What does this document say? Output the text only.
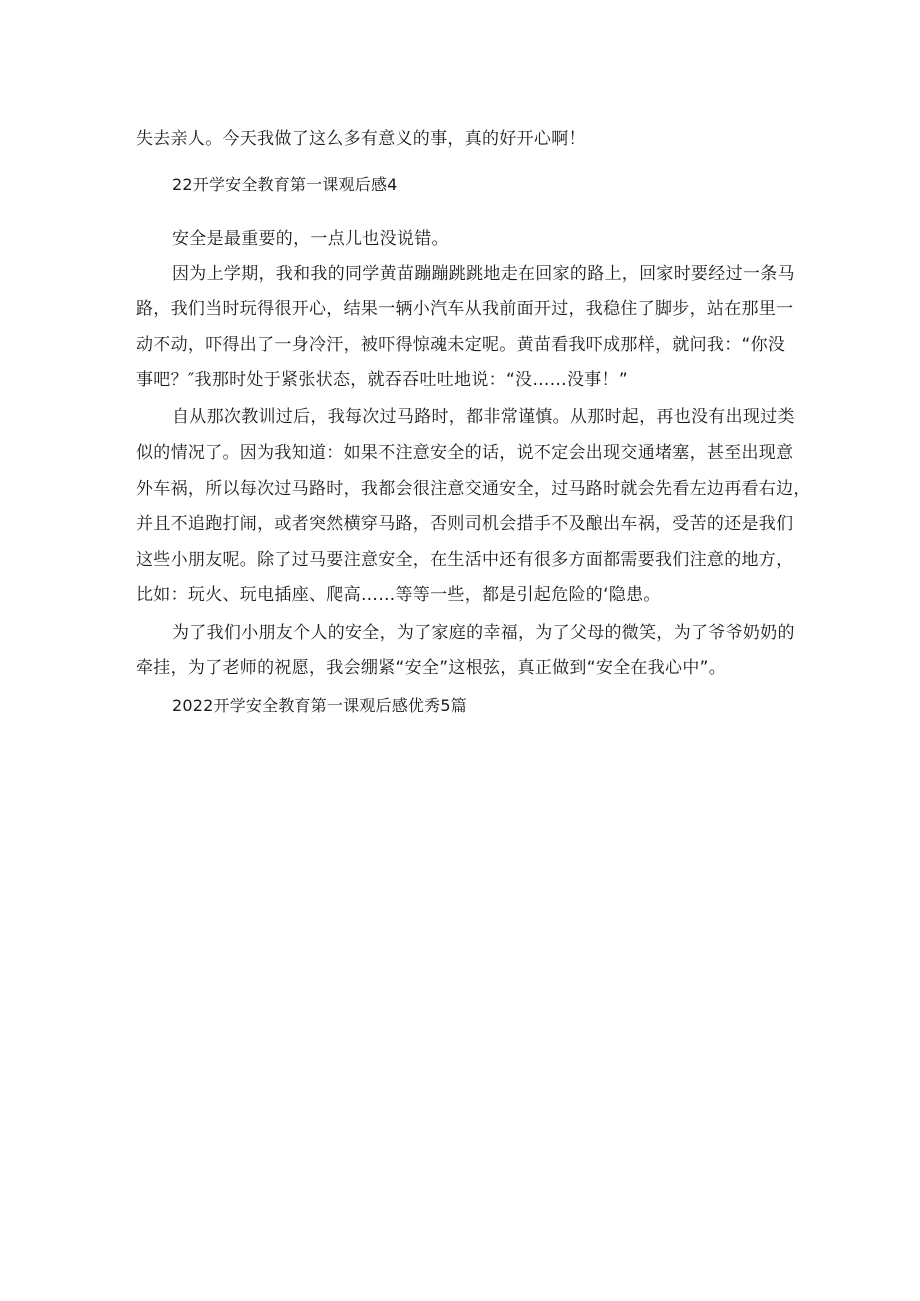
失去亲人。今天我做了这么多有意义的事，真的好开心啊！
22开学安全教育第一课观后感4
安全是最重要的，一点儿也没说错。
因为上学期，我和我的同学黄苗蹦蹦跳跳地走在回家的路上，回家时要经过一条马
路，我们当时玩得很开心，结果一辆小汽车从我前面开过，我稳住了脚步，站在那里一
动不动，吓得出了一身冷汗，被吓得惊魂未定呢。黄苗看我吓成那样，就问我：“你没
事吧？″我那时处于紧张状态，就吞吞吐吐地说：“没……没事！”
自从那次教训过后，我每次过马路时，都非常谨慎。从那时起，再也没有出现过类
似的情况了。因为我知道：如果不注意安全的话，说不定会出现交通堵塞，甚至出现意
外车祸，所以每次过马路时，我都会很注意交通安全，过马路时就会先看左边再看右边，
并且不追跑打闹，或者突然横穿马路，否则司机会措手不及酿出车祸，受苦的还是我们
这些小朋友呢。除了过马要注意安全，在生活中还有很多方面都需要我们注意的地方，
比如：玩火、玩电插座、爬高……等等一些，都是引起危险的‘隐患。
为了我们小朋友个人的安全，为了家庭的幸福，为了父母的微笑，为了爷爷奶奶的
牵挂，为了老师的祝愿，我会绷紧“安全”这根弦，真正做到“安全在我心中”。
2022开学安全教育第一课观后感优秀5篇
